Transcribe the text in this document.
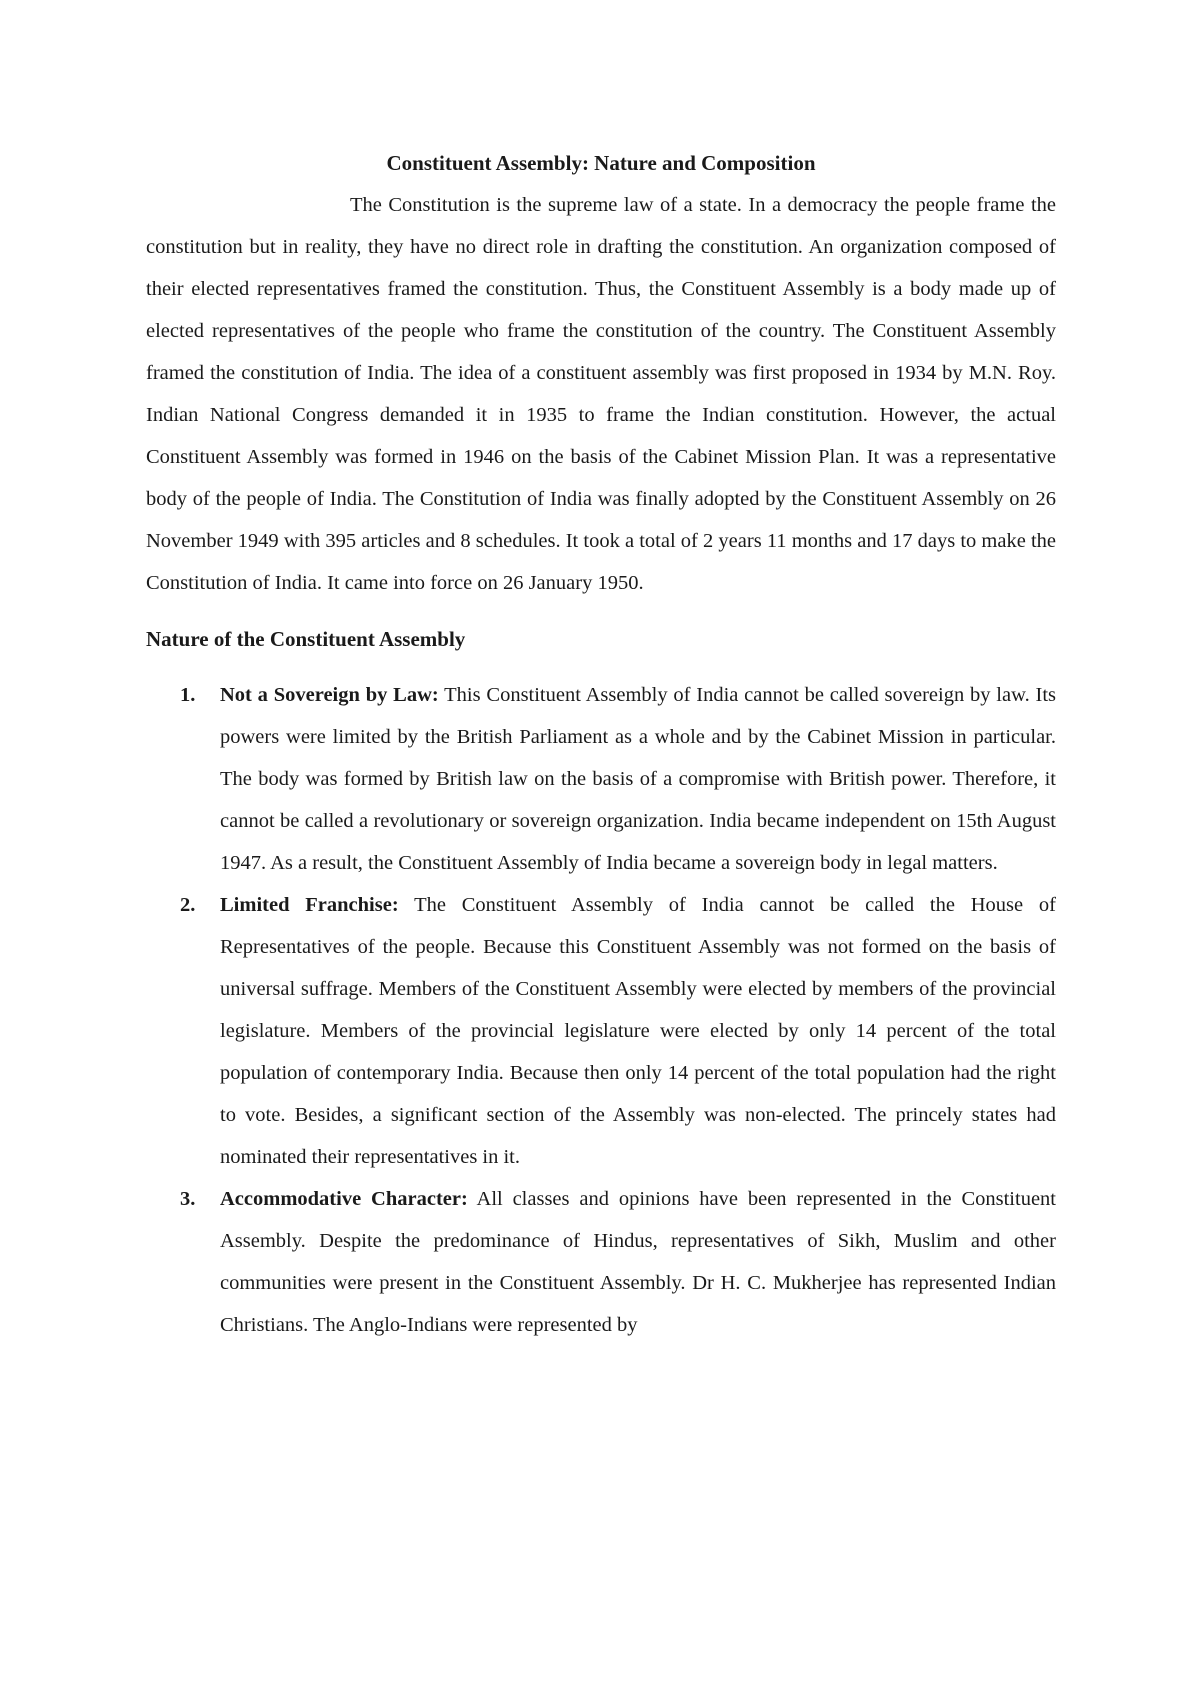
Constituent Assembly: Nature and Composition

The Constitution is the supreme law of a state. In a democracy the people frame the constitution but in reality, they have no direct role in drafting the constitution. An organization composed of their elected representatives framed the constitution. Thus, the Constituent Assembly is a body made up of elected representatives of the people who frame the constitution of the country. The Constituent Assembly framed the constitution of India. The idea of a constituent assembly was first proposed in 1934 by M.N. Roy. Indian National Congress demanded it in 1935 to frame the Indian constitution. However, the actual Constituent Assembly was formed in 1946 on the basis of the Cabinet Mission Plan. It was a representative body of the people of India. The Constitution of India was finally adopted by the Constituent Assembly on 26 November 1949 with 395 articles and 8 schedules. It took a total of 2 years 11 months and 17 days to make the Constitution of India. It came into force on 26 January 1950.

Nature of the Constituent Assembly
1. Not a Sovereign by Law: This Constituent Assembly of India cannot be called sovereign by law. Its powers were limited by the British Parliament as a whole and by the Cabinet Mission in particular. The body was formed by British law on the basis of a compromise with British power. Therefore, it cannot be called a revolutionary or sovereign organization. India became independent on 15th August 1947. As a result, the Constituent Assembly of India became a sovereign body in legal matters.
2. Limited Franchise: The Constituent Assembly of India cannot be called the House of Representatives of the people. Because this Constituent Assembly was not formed on the basis of universal suffrage. Members of the Constituent Assembly were elected by members of the provincial legislature. Members of the provincial legislature were elected by only 14 percent of the total population of contemporary India. Because then only 14 percent of the total population had the right to vote. Besides, a significant section of the Assembly was non-elected. The princely states had nominated their representatives in it.
3. Accommodative Character: All classes and opinions have been represented in the Constituent Assembly. Despite the predominance of Hindus, representatives of Sikh, Muslim and other communities were present in the Constituent Assembly. Dr H. C. Mukherjee has represented Indian Christians. The Anglo-Indians were represented by
